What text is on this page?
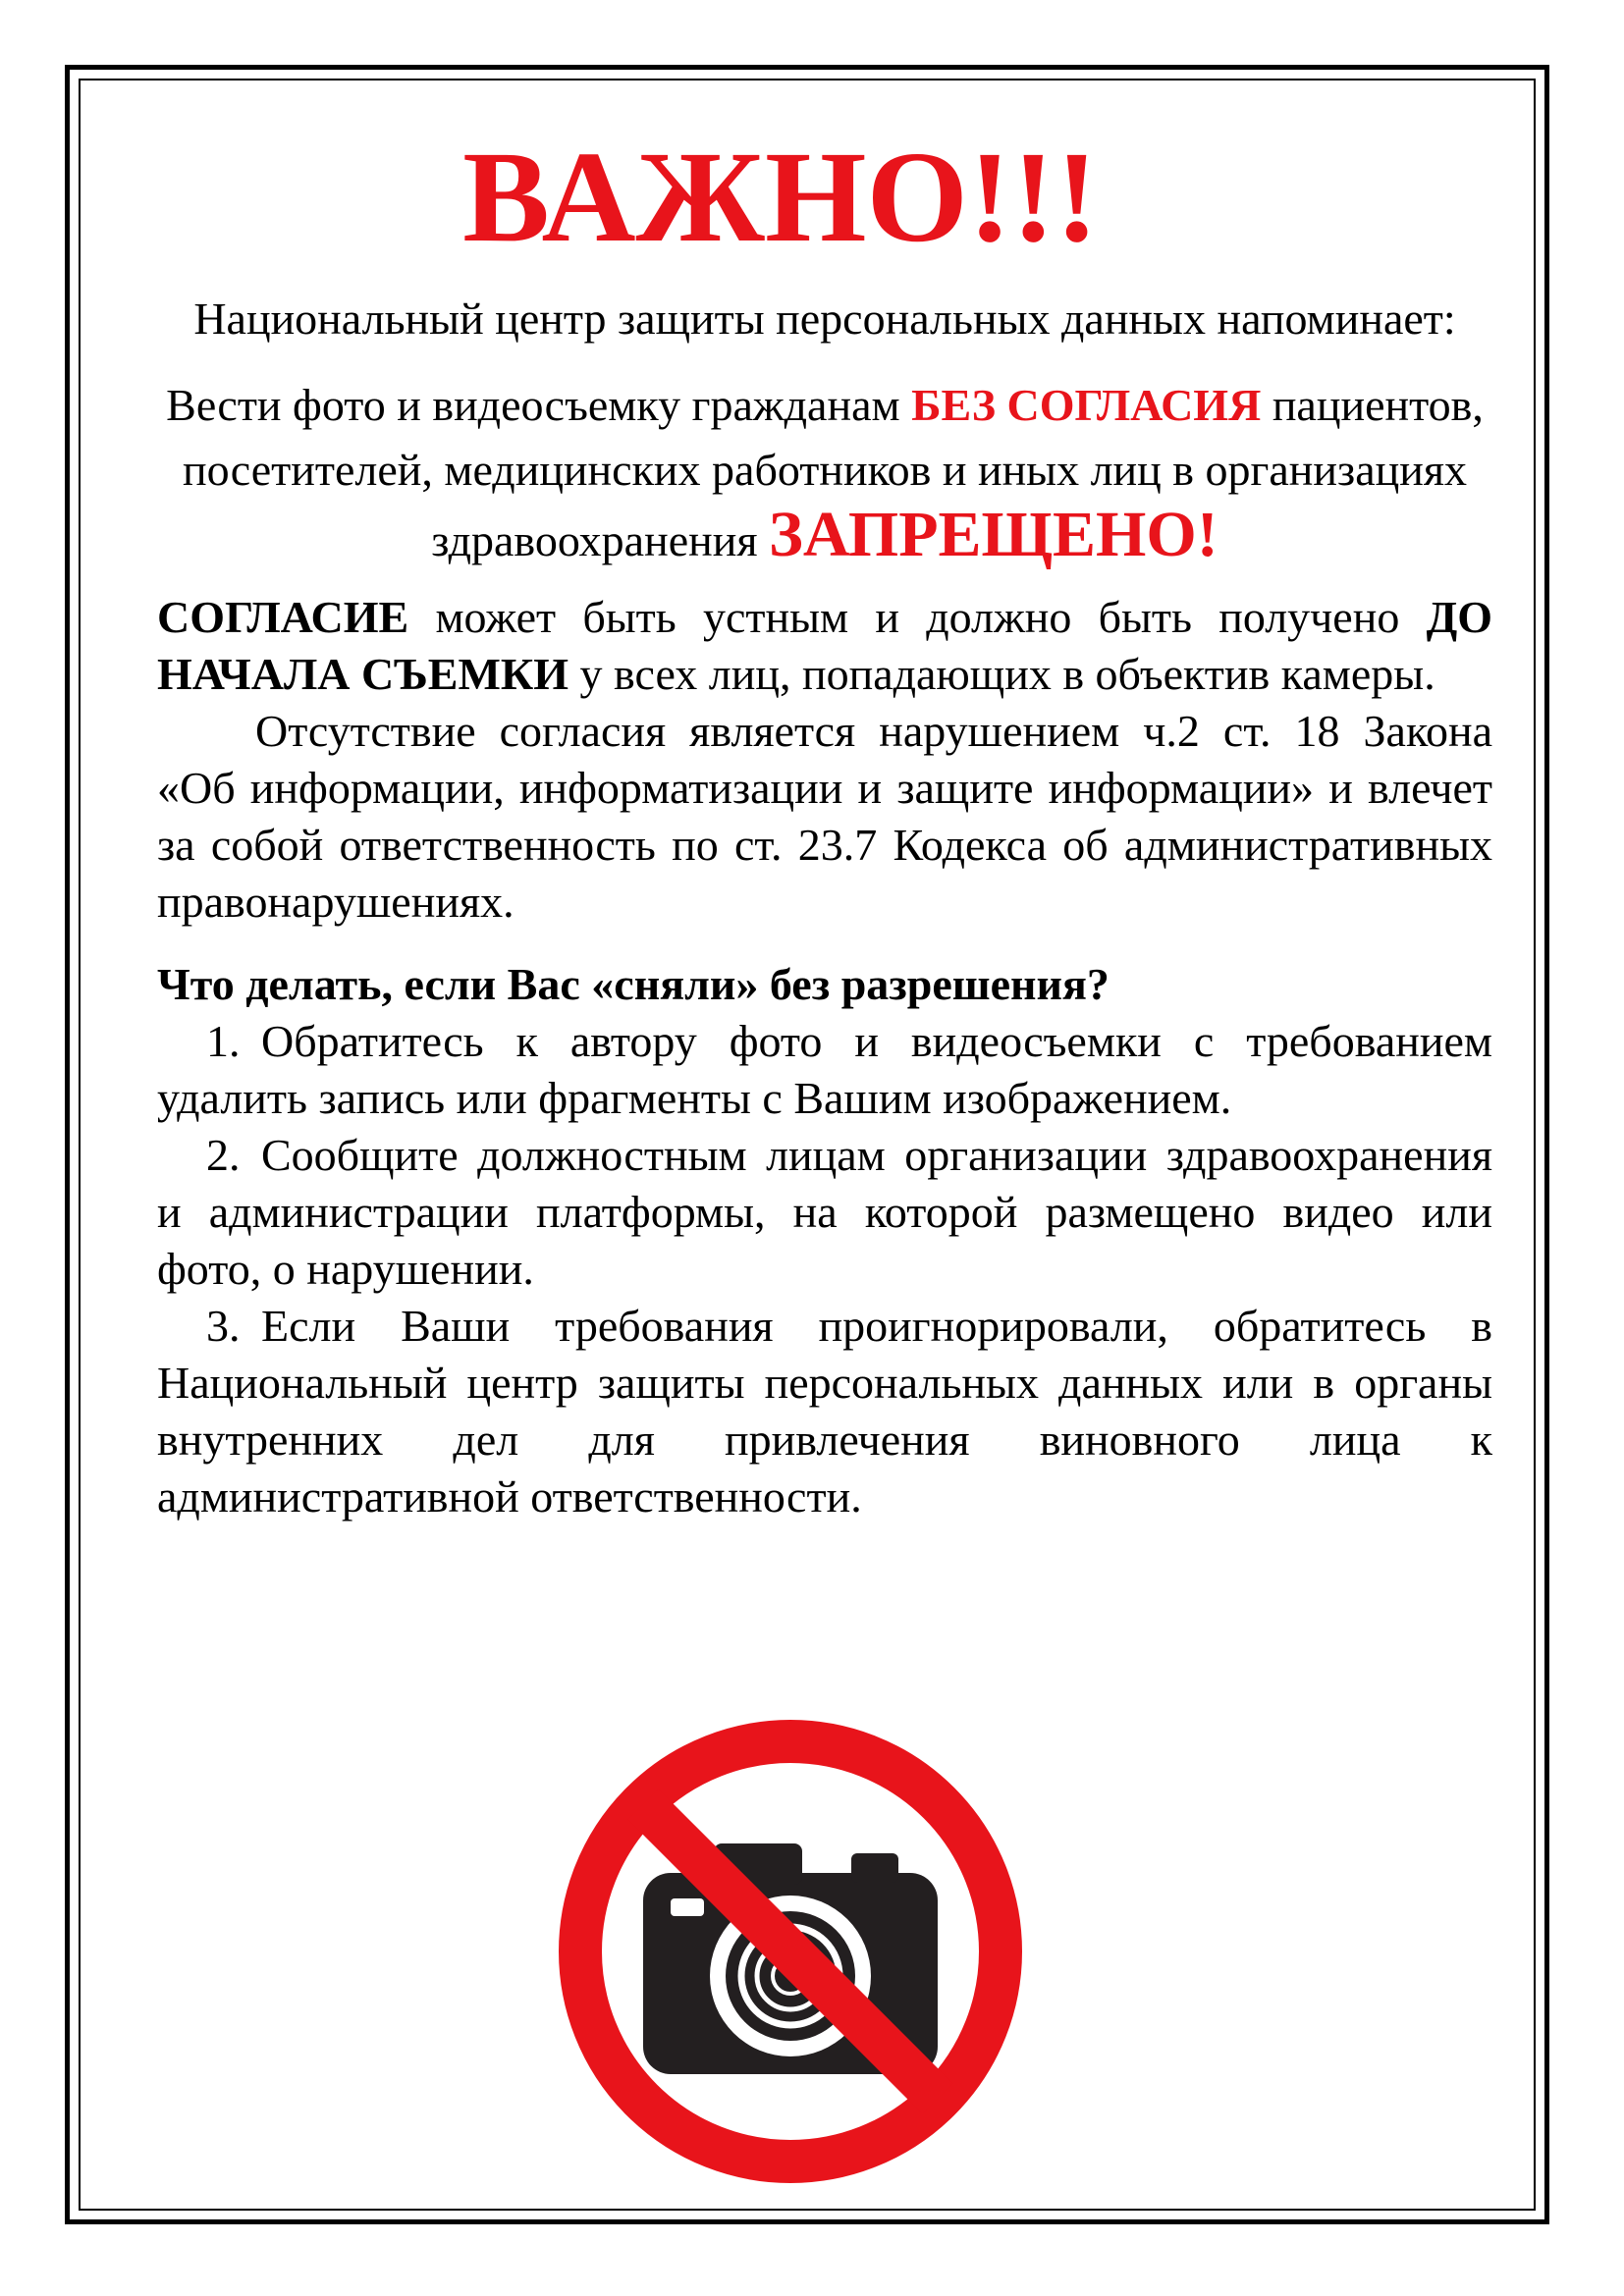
ВАЖНО!!!

Национальный центр защиты персональных данных напоминает:

Вести фото и видеосъемку гражданам БЕЗ СОГЛАСИЯ пациентов, посетителей, медицинских работников и иных лиц в организациях здравоохранения ЗАПРЕЩЕНО!

СОГЛАСИЕ может быть устным и должно быть получено ДО НАЧАЛА СЪЕМКИ у всех лиц, попадающих в объектив камеры.

Отсутствие согласия является нарушением ч.2 ст. 18 Закона «Об информации, информатизации и защите информации» и влечет за собой ответственность по ст. 23.7 Кодекса об административных правонарушениях.

Что делать, если Вас «сняли» без разрешения?

1. Обратитесь к автору фото и видеосъемки с требованием удалить запись или фрагменты с Вашим изображением.

2. Сообщите должностным лицам организации здравоохранения и администрации платформы, на которой размещено видео или фото, о нарушении.

3. Если Ваши требования проигнорировали, обратитесь в Национальный центр защиты персональных данных или в органы внутренних дел для привлечения виновного лица к административной ответственности.
